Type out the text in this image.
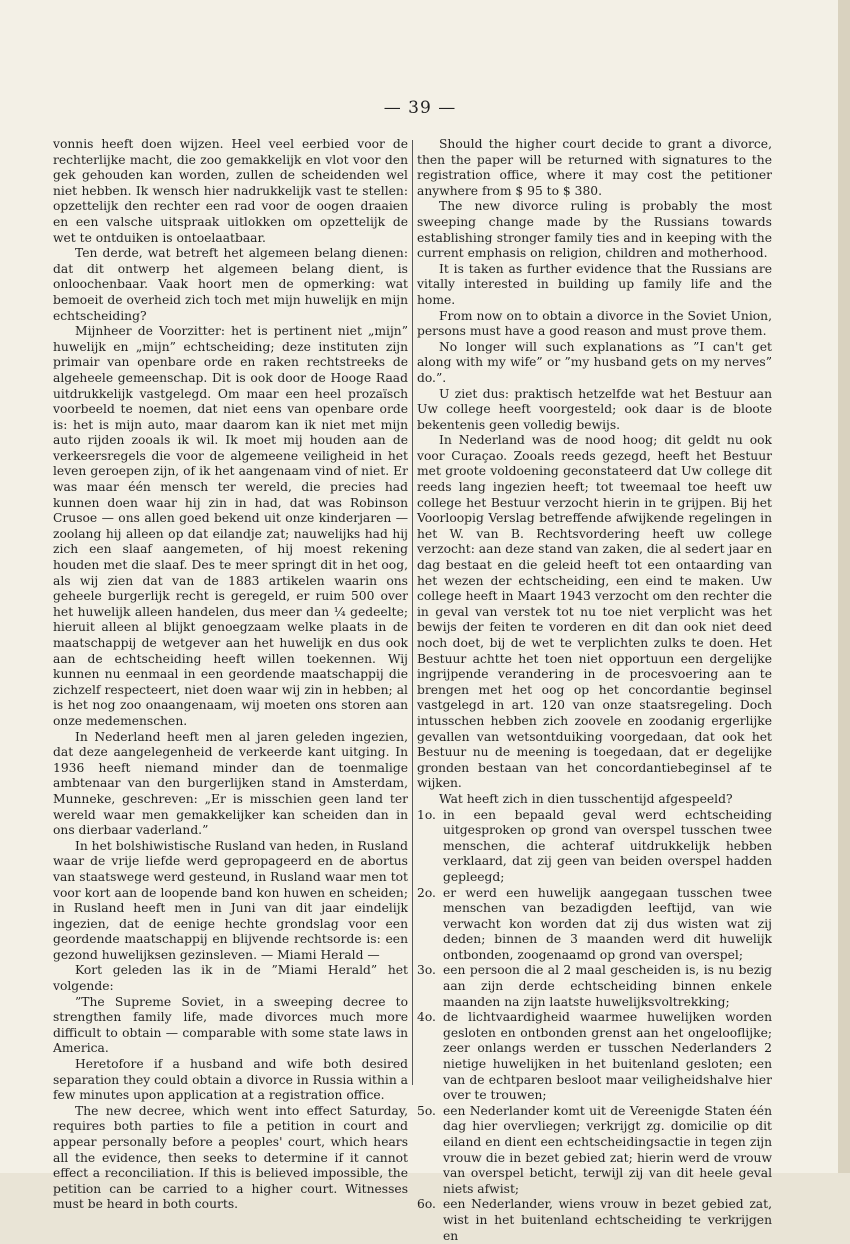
— 39 —

vonnis heeft doen wijzen. Heel veel eerbied voor de rechterlijke macht, die zoo gemakkelijk en vlot voor den gek gehouden kan worden, zullen de scheidenden wel niet hebben. Ik wensch hier nadrukkelijk vast te stellen: opzettelijk den rechter een rad voor de oogen draaien en een valsche uitspraak uitlokken om opzettelijk de wet te ontduiken is ontoelaatbaar.

Ten derde, wat betreft het algemeen belang dienen: dat dit ontwerp het algemeen belang dient, is onloochenbaar. Vaak hoort men de opmerking: wat bemoeit de overheid zich toch met mijn huwelijk en mijn echtscheiding?

Mijnheer de Voorzitter: het is pertinent niet „mijn” huwelijk en „mijn” echtscheiding; deze instituten zijn primair van openbare orde en raken rechtstreeks de algeheele gemeenschap. Dit is ook door de Hooge Raad uitdrukkelijk vastgelegd. Om maar een heel prozaïsch voorbeeld te noemen, dat niet eens van openbare orde is: het is mijn auto, maar daarom kan ik niet met mijn auto rijden zooals ik wil. Ik moet mij houden aan de verkeersregels die voor de algemeene veiligheid in het leven geroepen zijn, of ik het aangenaam vind of niet. Er was maar één mensch ter wereld, die precies had kunnen doen waar hij zin in had, dat was Robinson Crusoe — ons allen goed bekend uit onze kinderjaren — zoolang hij alleen op dat eilandje zat; nauwelijks had hij zich een slaaf aangemeten, of hij moest rekening houden met die slaaf. Des te meer springt dit in het oog, als wij zien dat van de 1883 artikelen waarin ons geheele burgerlijk recht is geregeld, er ruim 500 over het huwelijk alleen handelen, dus meer dan ¼ gedeelte; hieruit alleen al blijkt genoegzaam welke plaats in de maatschappij de wetgever aan het huwelijk en dus ook aan de echtscheiding heeft willen toekennen. Wij kunnen nu eenmaal in een geordende maatschappij die zichzelf respecteert, niet doen waar wij zin in hebben; al is het nog zoo onaangenaam, wij moeten ons storen aan onze medemenschen.

In Nederland heeft men al jaren geleden ingezien, dat deze aangelegenheid de verkeerde kant uitging. In 1936 heeft niemand minder dan de toenmalige ambtenaar van den burgerlijken stand in Amsterdam, Munneke, geschreven: „Er is misschien geen land ter wereld waar men gemakkelijker kan scheiden dan in ons dierbaar vaderland.”

In het bolshiwistische Rusland van heden, in Rusland waar de vrije liefde werd gepropageerd en de abortus van staatswege werd gesteund, in Rusland waar men tot voor kort aan de loopende band kon huwen en scheiden; in Rusland heeft men in Juni van dit jaar eindelijk ingezien, dat de eenige hechte grondslag voor een geordende maatschappij en blijvende rechtsorde is: een gezond huwelijksen gezinsleven. — Miami Herald —

Kort geleden las ik in de ”Miami Herald” het volgende:

”The Supreme Soviet, in a sweeping decree to strengthen family life, made divorces much more difficult to obtain — comparable with some state laws in America.

Heretofore if a husband and wife both desired separation they could obtain a divorce in Russia within a few minutes upon application at a registration office.

The new decree, which went into effect Saturday, requires both parties to file a petition in court and appear personally before a peoples' court, which hears all the evidence, then seeks to determine if it cannot effect a reconciliation. If this is believed impossible, the petition can be carried to a higher court. Witnesses must be heard in both courts.

Should the higher court decide to grant a divorce, then the paper will be returned with signatures to the registration office, where it may cost the petitioner anywhere from $ 95 to $ 380.

The new divorce ruling is probably the most sweeping change made by the Russians towards establishing stronger family ties and in keeping with the current emphasis on religion, children and motherhood.

It is taken as further evidence that the Russians are vitally interested in building up family life and the home.

From now on to obtain a divorce in the Soviet Union, persons must have a good reason and must prove them.

No longer will such explanations as ”I can't get along with my wife” or ”my husband gets on my nerves” do.”.

U ziet dus: praktisch hetzelfde wat het Bestuur aan Uw college heeft voorgesteld; ook daar is de bloote bekentenis geen volledig bewijs.

In Nederland was de nood hoog; dit geldt nu ook voor Curaçao. Zooals reeds gezegd, heeft het Bestuur met groote voldoening geconstateerd dat Uw college dit reeds lang ingezien heeft; tot tweemaal toe heeft uw college het Bestuur verzocht hierin in te grijpen. Bij het Voorloopig Verslag betreffende afwijkende regelingen in het W. van B. Rechtsvordering heeft uw college verzocht: aan deze stand van zaken, die al sedert jaar en dag bestaat en die geleid heeft tot een ontaarding van het wezen der echtscheiding, een eind te maken. Uw college heeft in Maart 1943 verzocht om den rechter die in geval van verstek tot nu toe niet verplicht was het bewijs der feiten te vorderen en dit dan ook niet deed noch doet, bij de wet te verplichten zulks te doen. Het Bestuur achtte het toen niet opportuun een dergelijke ingrijpende verandering in de procesvoering aan te brengen met het oog op het concordantie beginsel vastgelegd in art. 120 van onze staatsregeling. Doch intusschen hebben zich zoovele en zoodanig ergerlijke gevallen van wetsontduiking voorgedaan, dat ook het Bestuur nu de meening is toegedaan, dat er degelijke gronden bestaan van het concordantiebeginsel af te wijken.

Wat heeft zich in dien tusschentijd afgespeeld?

1o. in een bepaald geval werd echtscheiding uitgesproken op grond van overspel tusschen twee menschen, die achteraf uitdrukkelijk hebben verklaard, dat zij geen van beiden overspel hadden gepleegd;
2o. er werd een huwelijk aangegaan tusschen twee menschen van bezadigden leeftijd, van wie verwacht kon worden dat zij dus wisten wat zij deden; binnen de 3 maanden werd dit huwelijk ontbonden, zoogenaamd op grond van overspel;
3o. een persoon die al 2 maal gescheiden is, is nu bezig aan zijn derde echtscheiding binnen enkele maanden na zijn laatste huwelijksvoltrekking;
4o. de lichtvaardigheid waarmee huwelijken worden gesloten en ontbonden grenst aan het ongelooflijke; zeer onlangs werden er tusschen Nederlanders 2 nietige huwelijken in het buitenland gesloten; een van de echtparen besloot maar veiligheidshalve hier over te trouwen;
5o. een Nederlander komt uit de Vereenigde Staten één dag hier overvliegen; verkrijgt zg. domicilie op dit eiland en dient een echtscheidingsactie in tegen zijn vrouw die in bezet gebied zat; hierin werd de vrouw van overspel beticht, terwijl zij van dit heele geval niets afwist;
6o. een Nederlander, wiens vrouw in bezet gebied zat, wist in het buitenland echtscheiding te verkrijgen en
